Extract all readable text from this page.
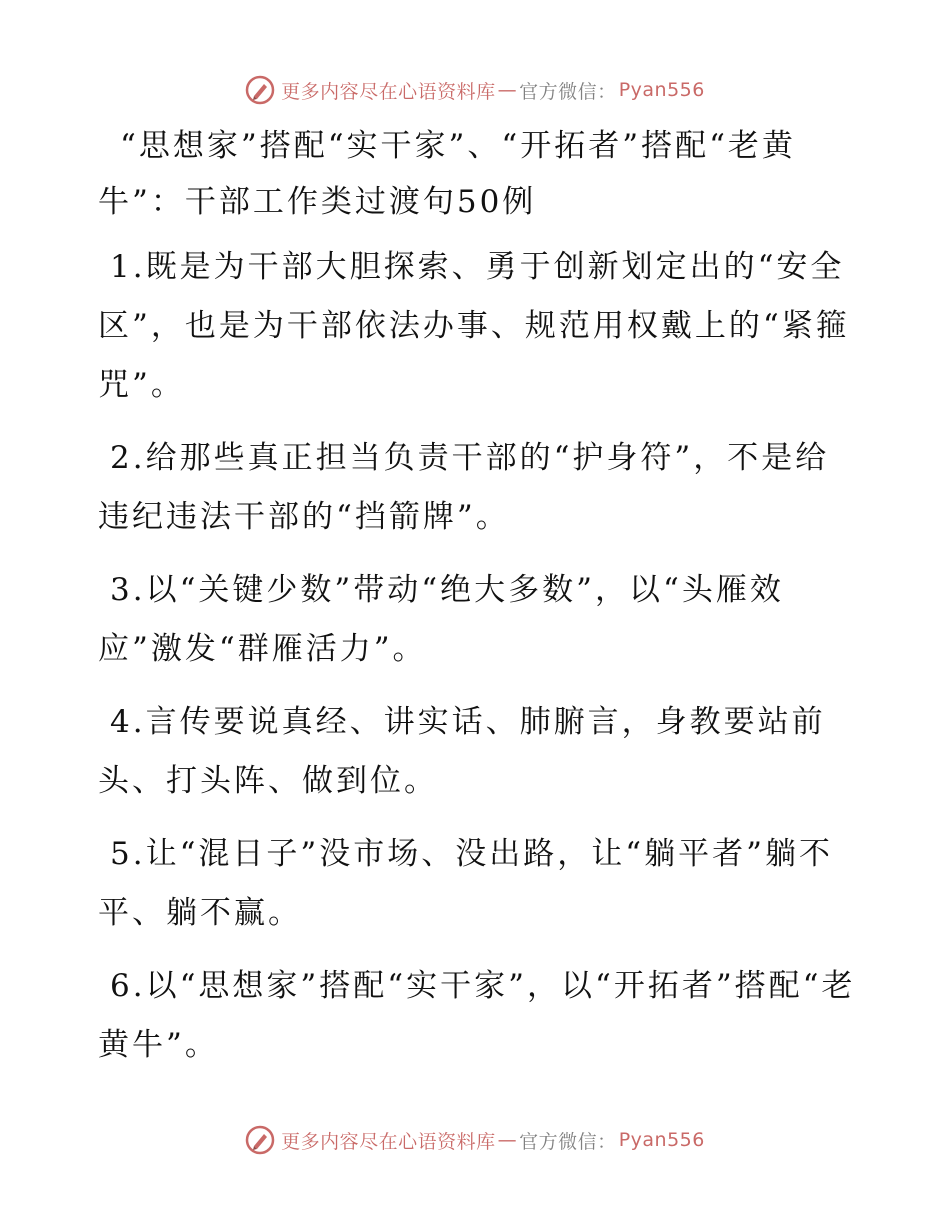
更多内容尽在心语资料库 — 官方微信： Pyan556
“思想家”搭配“实干家”、“开拓者”搭配“老黄牛”：干部工作类过渡句50例
1.既是为干部大胆探索、勇于创新划定出的“安全区”，也是为干部依法办事、规范用权戴上的“紧箍咒”。
2.给那些真正担当负责干部的“护身符”，不是给违纪违法干部的“挡箭牌”。
3.以“关键少数”带动“绝大多数”，以“头雁效应”激发“群雁活力”。
4.言传要说真经、讲实话、肺腑言，身教要站前头、打头阵、做到位。
5.让“混日子”没市场、没出路，让“躺平者”躺不平、躺不赢。
6.以“思想家”搭配“实干家”，以“开拓者”搭配“老黄牛”。
更多内容尽在心语资料库 — 官方微信： Pyan556
